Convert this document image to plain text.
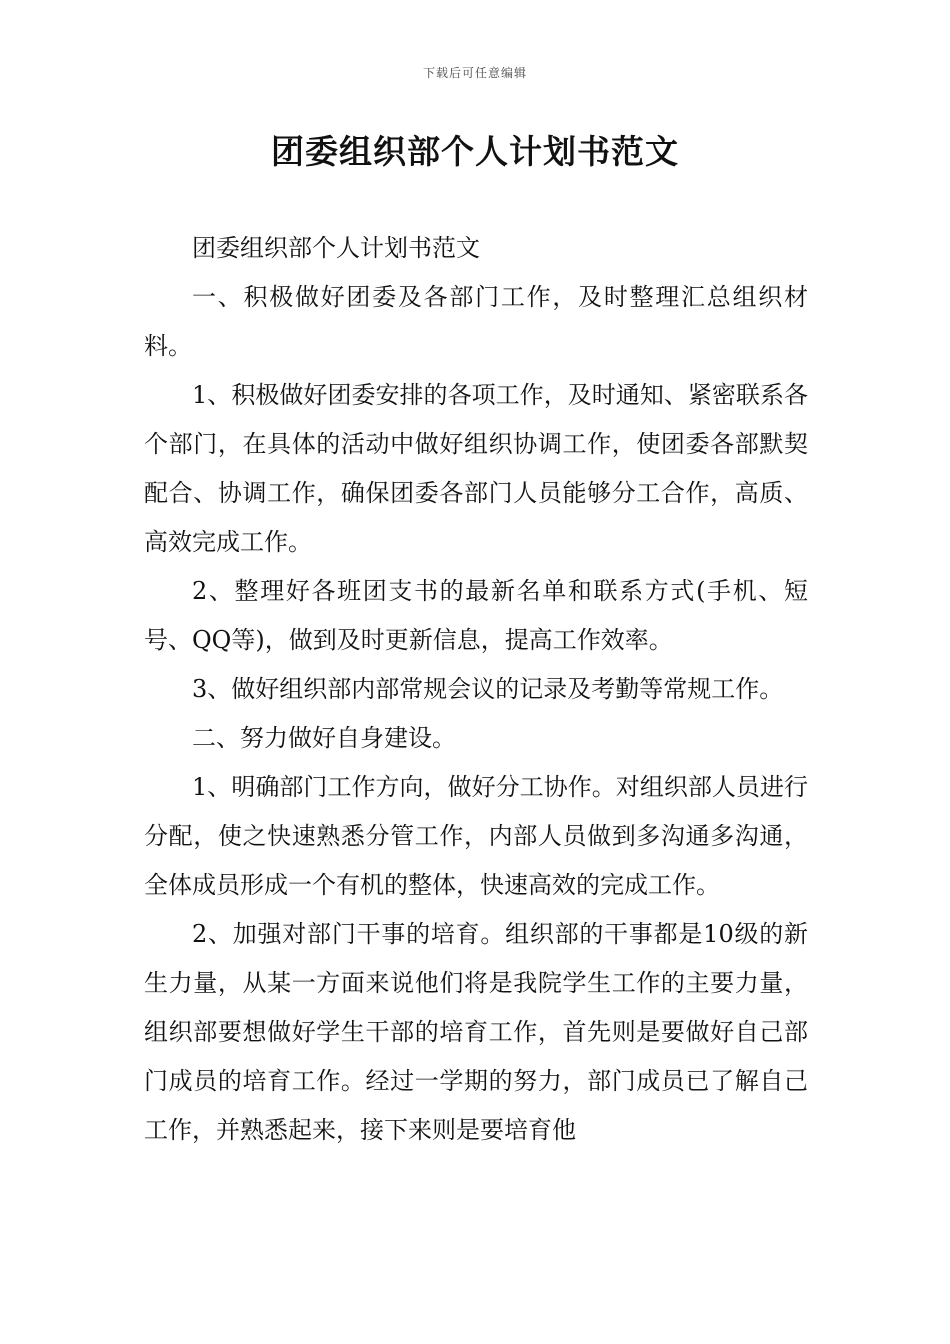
下载后可任意编辑
团委组织部个人计划书范文

团委组织部个人计划书范文

一、积极做好团委及各部门工作，及时整理汇总组织材料。

1、积极做好团委安排的各项工作，及时通知、紧密联系各个部门，在具体的活动中做好组织协调工作，使团委各部默契配合、协调工作，确保团委各部门人员能够分工合作，高质、高效完成工作。

2、整理好各班团支书的最新名单和联系方式(手机、短号、QQ等)，做到及时更新信息，提高工作效率。

3、做好组织部内部常规会议的记录及考勤等常规工作。

二、努力做好自身建设。

1、明确部门工作方向，做好分工协作。对组织部人员进行分配，使之快速熟悉分管工作，内部人员做到多沟通多沟通，全体成员形成一个有机的整体，快速高效的完成工作。

2、加强对部门干事的培育。组织部的干事都是10级的新生力量，从某一方面来说他们将是我院学生工作的主要力量，组织部要想做好学生干部的培育工作，首先则是要做好自己部门成员的培育工作。经过一学期的努力，部门成员已了解自己工作，并熟悉起来，接下来则是要培育他
